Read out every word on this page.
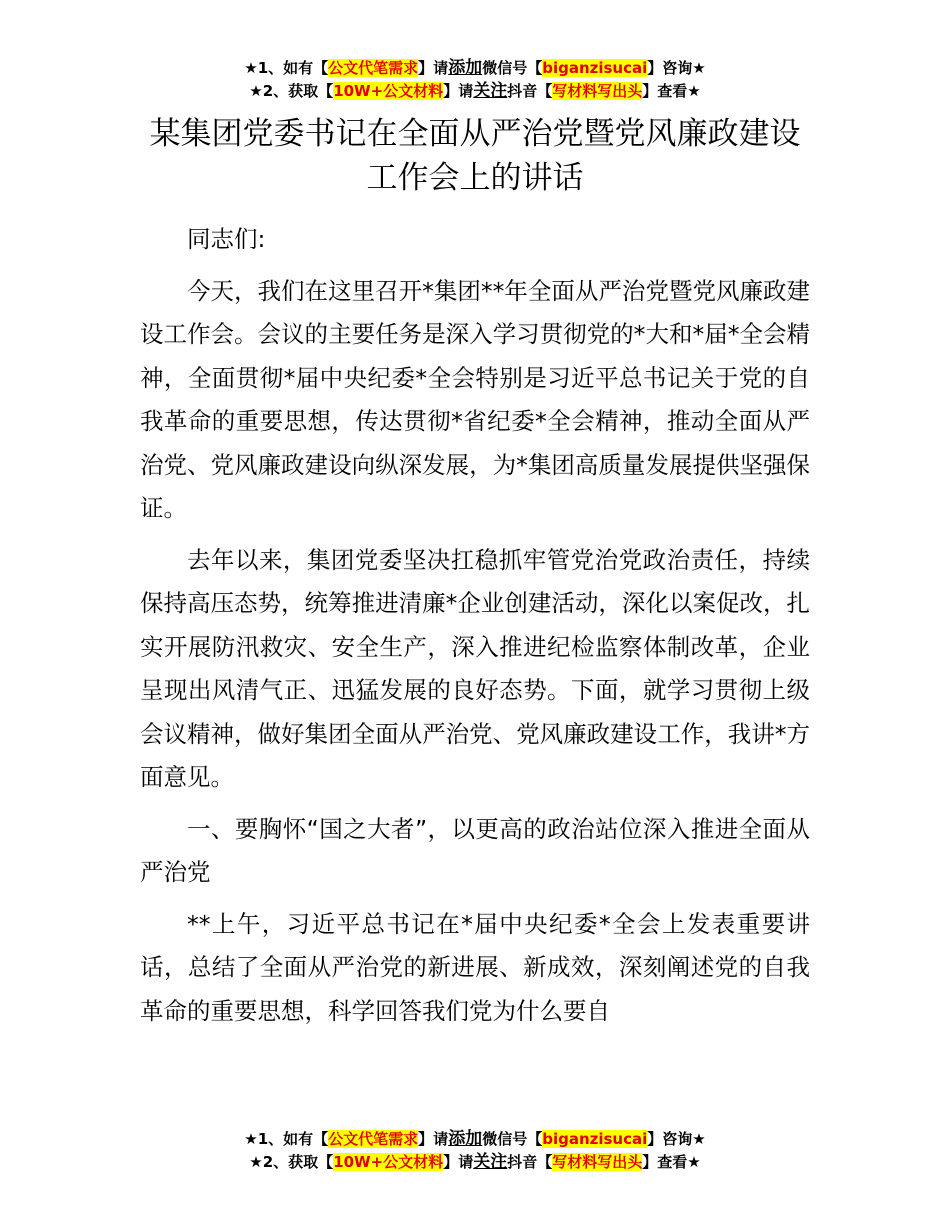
★1、如有【公文代笔需求】请添加微信号【biganzisucai】咨询★
★2、获取【10W+公文材料】请关注抖音【写材料写出头】查看★
某集团党委书记在全面从严治党暨党风廉政建设工作会上的讲话

同志们:

今天，我们在这里召开*集团**年全面从严治党暨党风廉政建设工作会。会议的主要任务是深入学习贯彻党的*大和*届*全会精神，全面贯彻*届中央纪委*全会特别是习近平总书记关于党的自我革命的重要思想，传达贯彻*省纪委*全会精神，推动全面从严治党、党风廉政建设向纵深发展，为*集团高质量发展提供坚强保证。

去年以来，集团党委坚决扛稳抓牢管党治党政治责任，持续保持高压态势，统筹推进清廉*企业创建活动，深化以案促改，扎实开展防汛救灾、安全生产，深入推进纪检监察体制改革，企业呈现出风清气正、迅猛发展的良好态势。下面，就学习贯彻上级会议精神，做好集团全面从严治党、党风廉政建设工作，我讲*方面意见。

一、要胸怀“国之大者”，以更高的政治站位深入推进全面从严治党

**上午，习近平总书记在*届中央纪委*全会上发表重要讲话，总结了全面从严治党的新进展、新成效，深刻阐述党的自我革命的重要思想，科学回答我们党为什么要自

★1、如有【公文代笔需求】请添加微信号【biganzisucai】咨询★
★2、获取【10W+公文材料】请关注抖音【写材料写出头】查看★
